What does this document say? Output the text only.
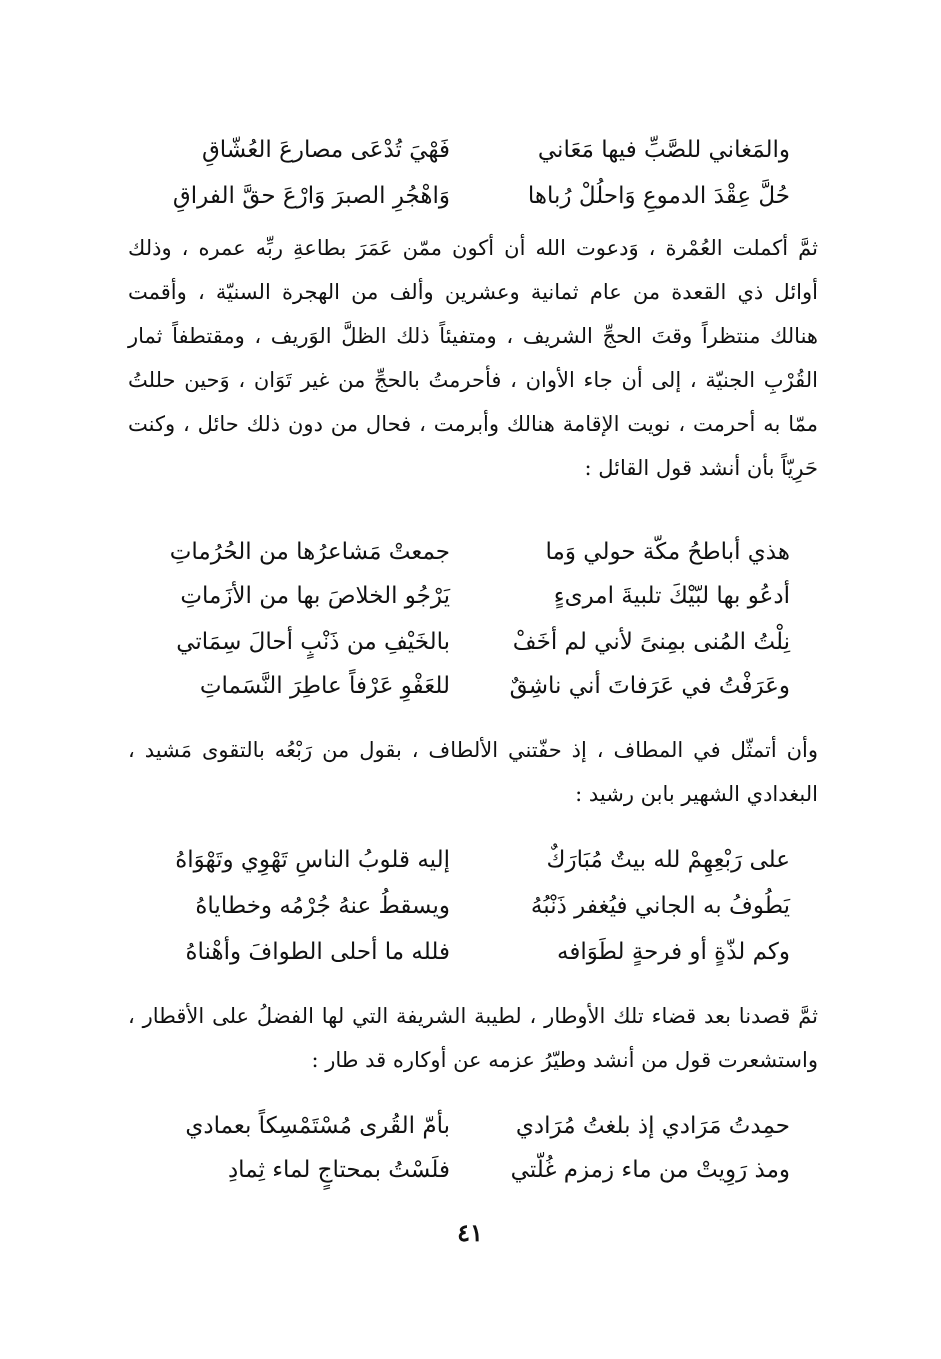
والمَغاني للصَّبِّ فيها مَعَاني
فَهْيَ تُدْعَى مصارعَ العُشّاقِ
حُلَّ عِقْدَ الدموعِ وَاحلُلْ رُباها
وَاهْجُرِ الصبرَ وَارْعَ حقَّ الفراقِ

ثمَّ أكملت العُمْرة ، وَدعوت الله أن أكون ممّن عَمَرَ بطاعةِ ربِّه عمره ، وذلك أوائل ذي القعدة من عام ثمانية وعشرين وألف من الهجرة السنيّة ، وأقمت هنالك منتظراً وقتَ الحجِّ الشريف ، ومتفيئاً ذلك الظلَّ الوَريف ، ومقتطفاً ثمار القُرْبِ الجنيّة ، إلى أن جاء الأوان ، فأحرمتُ بالحجِّ من غير تَوَان ، وَحين حللتُ ممّا به أحرمت ، نويت الإقامة هنالك وأبرمت ، فحال من دون ذلك حائل ، وكنت حَرِيّاً بأن أنشد قول القائل :

هذي أباطحُ مكّة حولي وَما
جمعتْ مَشاعرُها من الحُرُماتِ
أدعُو بها لبّيْكَ تلبيةَ امرىءٍ
يَرْجُو الخلاصَ بها من الأزَماتِ
نِلْتُ المُنى بمِنىً لأني لم أخَفْ
بالخَيْفِ من ذَنْبٍ أحالَ سِمَاتي
وعَرَفْتُ في عَرَفاتَ أني ناشِقٌ
للعَفْوِ عَرْفاً عاطِرَ النَّسَماتِ

وأن أتمثّل في المطاف ، إذ حفّتني الألطاف ، بقول من رَبْعُه بالتقوى مَشيد ، البغدادي الشهير بابن رشيد :

على رَبْعِهِمْ لله بيتٌ مُبَارَكٌ
إليه قلوبُ الناسِ تَهْوِي وتَهْوَاهُ
يَطُوفُ به الجاني فيُغفر ذَنْبُهُ
ويسقطُ عنهُ جُرْمُه وخطاياهُ
وكم لذّةٍ أو فرحةٍ لطَوَافه
فلله ما أحلى الطوافَ وأهْناهُ

ثمَّ قصدنا بعد قضاء تلك الأوطار ، لطيبة الشريفة التي لها الفضلُ على الأقطار ، واستشعرت قول من أنشد وطيّرُ عزمه عن أوكاره قد طار :

حمِدتُ مَرَادي إذ بلغتُ مُرَادي
بأمّ القُرى مُسْتَمْسِكاً بعمادي
ومذ رَوِيتْ من ماء زمزم غُلّتي
فلَسْتُ بمحتاجٍ لماء ثِمادِ
٤١
